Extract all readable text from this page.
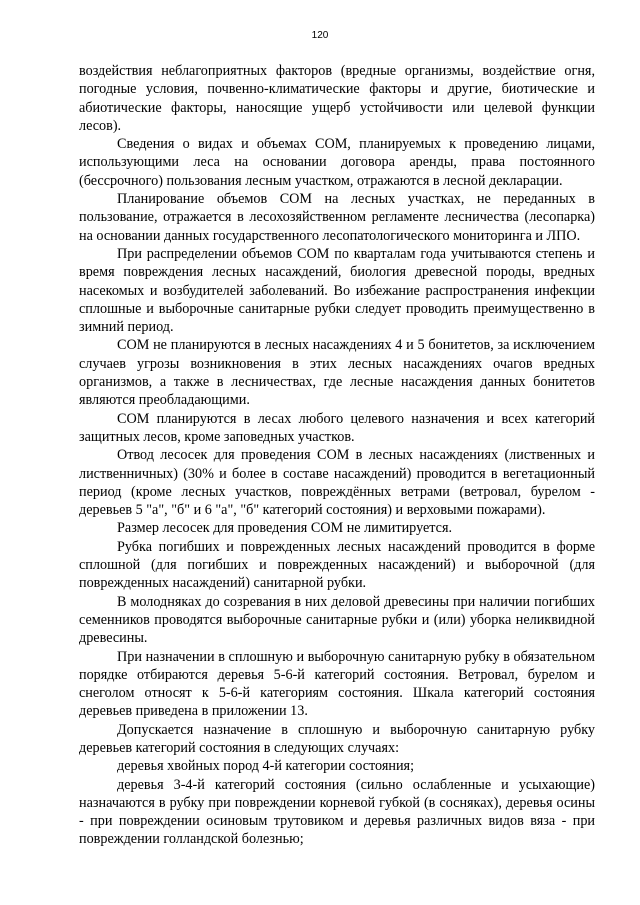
120

воздействия неблагоприятных факторов (вредные организмы, воздействие огня, погодные условия, почвенно-климатические факторы и другие, биотические и абиотические факторы, наносящие ущерб устойчивости или целевой функции лесов).

Сведения о видах и объемах СОМ, планируемых к проведению лицами, использующими леса на основании договора аренды, права постоянного (бессрочного) пользования лесным участком, отражаются в лесной декларации.

Планирование объемов СОМ на лесных участках, не переданных в пользование, отражается в лесохозяйственном регламенте лесничества (лесопарка) на основании данных государственного лесопатологического мониторинга и ЛПО.

При распределении объемов СОМ по кварталам года учитываются степень и время повреждения лесных насаждений, биология древесной породы, вредных насекомых и возбудителей заболеваний. Во избежание распространения инфекции сплошные и выборочные санитарные рубки следует проводить преимущественно в зимний период.

СОМ не планируются в лесных насаждениях 4 и 5 бонитетов, за исключением случаев угрозы возникновения в этих лесных насаждениях очагов вредных организмов, а также в лесничествах, где лесные насаждения данных бонитетов являются преобладающими.

СОМ планируются в лесах любого целевого назначения и всех категорий защитных лесов, кроме заповедных участков.

Отвод лесосек для проведения СОМ в лесных насаждениях (лиственных и лиственничных) (30% и более в составе насаждений) проводится в вегетационный период (кроме лесных участков, повреждённых ветрами (ветровал, бурелом - деревьев 5 "а", "б" и 6 "а", "б" категорий состояния) и верховыми пожарами).

Размер лесосек для проведения СОМ не лимитируется.

Рубка погибших и поврежденных лесных насаждений проводится в форме сплошной (для погибших и поврежденных насаждений) и выборочной (для поврежденных насаждений) санитарной рубки.

В молодняках до созревания в них деловой древесины при наличии погибших семенников проводятся выборочные санитарные рубки и (или) уборка неликвидной древесины.

При назначении в сплошную и выборочную санитарную рубку в обязательном порядке отбираются деревья 5-6-й категорий состояния. Ветровал, бурелом и снеголом относят к 5-6-й категориям состояния. Шкала категорий состояния деревьев приведена в приложении 13.

Допускается назначение в сплошную и выборочную санитарную рубку деревьев категорий состояния в следующих случаях:

деревья хвойных пород 4-й категории состояния;

деревья 3-4-й категорий состояния (сильно ослабленные и усыхающие) назначаются в рубку при повреждении корневой губкой (в сосняках), деревья осины - при повреждении осиновым трутовиком и деревья различных видов вяза - при повреждении голландской болезнью;
